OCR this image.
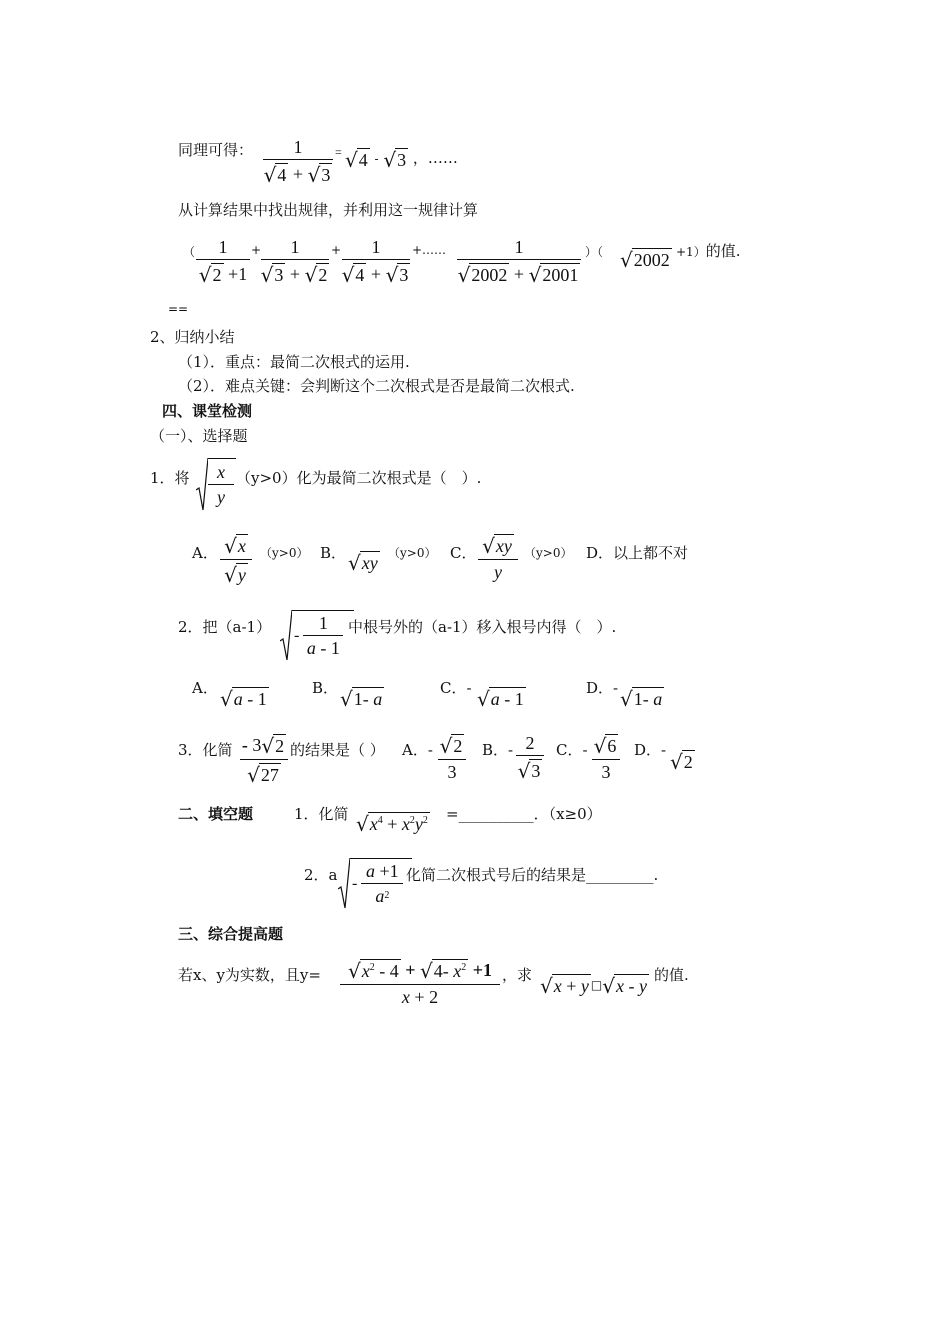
同理可得： 1
√ 4 + √ 3
= √ 4 - √ 3 ，……
从计算结果中找出规律，并利用这一规律计算
（ 1
√ 2 +1
+ 1
√ 3 + √ 2
+ 1
√ 4 + √ 3
+……	1
√ 2002 + √ 2001
）（ √ 2002 +1）的值.
==
2、归纳小结
（1）．重点：最简二次根式的运用.
（2）．难点关键：会判断这个二次根式是否是最简二次根式.
四、课堂检测
（一）、选择题
1．将 $\frac{x}{y} (y>0)$化为最简二次根式是（　）.
A． √ x
√ y
（y>0） B． √ xy （y>0） C． √ xy
y
（y>0） D．以上都不对
2．把$(a-1) - \frac{1}{a - 1}$ 中根号外的（a-1）移入根号内得（　）.
A． √ a - 1
B． √ 1- a
C．- √ a - 1
D．- √ 1- a
3．化简 - 3 √ 2
√ 27
的结果是（ ） A．- √ 2
3
B．- 2
√ 3
C．- √ 6
3
D．- √ 2
二、填空题	1．化简 √ $x^4 + x^2y^2$ =__________．（x≥0）
2．a - $\frac{a +1}{a 2}$ 化简二次根式号后的结果是_________.
三、综合提高题
若x、y为实数，且y= √ $x^2 - 4$
+
√ 4- $x^2$
+1
x + 2
，求 √ x + y □ √ x - y
的值.
